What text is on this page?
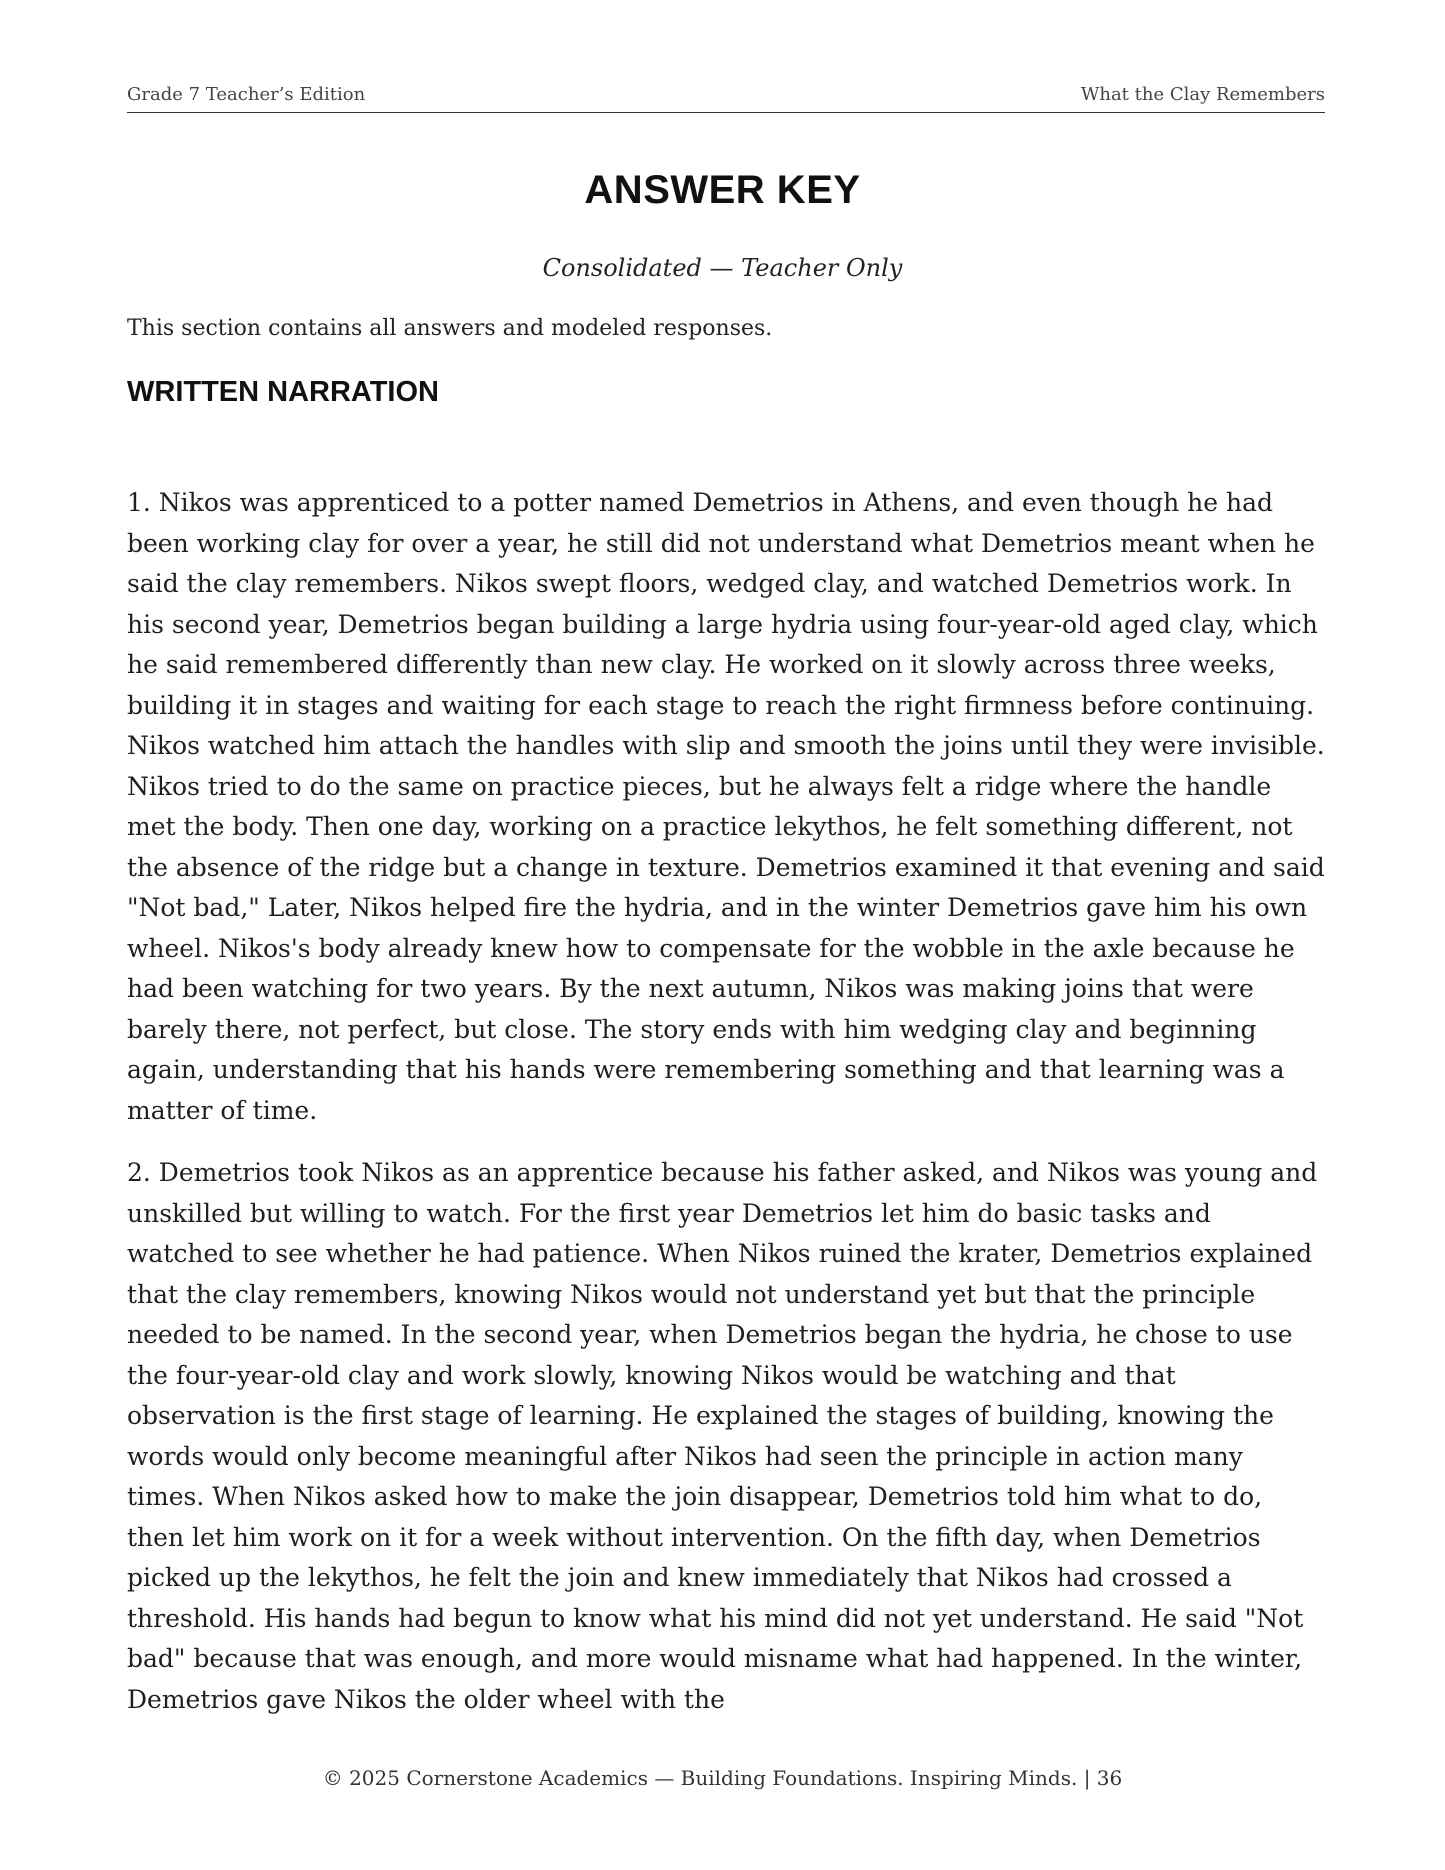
Grade 7 Teacher’s Edition	What the Clay Remembers
ANSWER KEY
Consolidated — Teacher Only
This section contains all answers and modeled responses.
WRITTEN NARRATION

1. Nikos was apprenticed to a potter named Demetrios in Athens, and even though he had been working clay for over a year, he still did not understand what Demetrios meant when he said the clay remembers. Nikos swept floors, wedged clay, and watched Demetrios work. In his second year, Demetrios began building a large hydria using four-year-old aged clay, which he said remembered differently than new clay. He worked on it slowly across three weeks, building it in stages and waiting for each stage to reach the right firmness before continuing. Nikos watched him attach the handles with slip and smooth the joins until they were invisible. Nikos tried to do the same on practice pieces, but he always felt a ridge where the handle met the body. Then one day, working on a practice lekythos, he felt something different, not the absence of the ridge but a change in texture. Demetrios examined it that evening and said "Not bad," Later, Nikos helped fire the hydria, and in the winter Demetrios gave him his own wheel. Nikos's body already knew how to compensate for the wobble in the axle because he had been watching for two years. By the next autumn, Nikos was making joins that were barely there, not perfect, but close. The story ends with him wedging clay and beginning again, understanding that his hands were remembering something and that learning was a matter of time.

2. Demetrios took Nikos as an apprentice because his father asked, and Nikos was young and unskilled but willing to watch. For the first year Demetrios let him do basic tasks and watched to see whether he had patience. When Nikos ruined the krater, Demetrios explained that the clay remembers, knowing Nikos would not understand yet but that the principle needed to be named. In the second year, when Demetrios began the hydria, he chose to use the four-year-old clay and work slowly, knowing Nikos would be watching and that observation is the first stage of learning. He explained the stages of building, knowing the words would only become meaningful after Nikos had seen the principle in action many times. When Nikos asked how to make the join disappear, Demetrios told him what to do, then let him work on it for a week without intervention. On the fifth day, when Demetrios picked up the lekythos, he felt the join and knew immediately that Nikos had crossed a threshold. His hands had begun to know what his mind did not yet understand. He said "Not bad" because that was enough, and more would misname what had happened. In the winter, Demetrios gave Nikos the older wheel with the

© 2025 Cornerstone Academics — Building Foundations. Inspiring Minds. | 36
